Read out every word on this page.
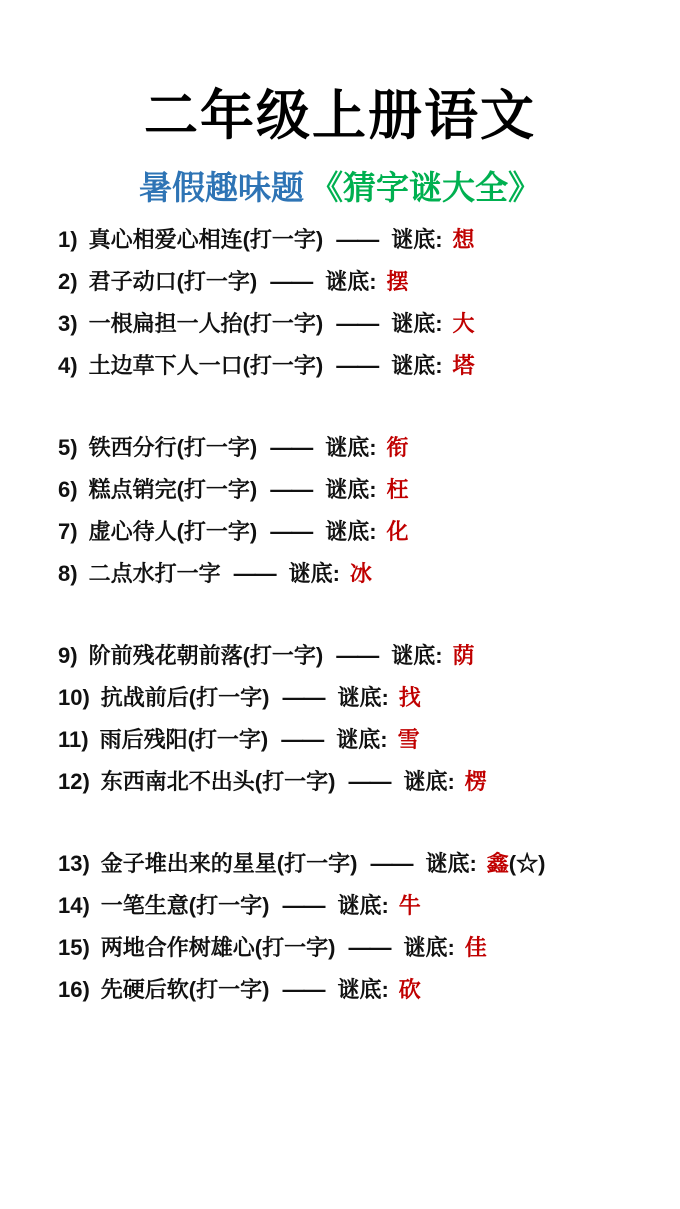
二年级上册语文
暑假趣味题 《猜字谜大全》
1) 真心相爱心相连(打一字) —— 谜底: 想
2) 君子动口(打一字) —— 谜底: 摆
3) 一根扁担一人抬(打一字) —— 谜底: 大
4) 土边草下人一口(打一字) —— 谜底: 塔
5) 铁西分行(打一字) —— 谜底: 衔
6) 糕点销完(打一字) —— 谜底: 枉
7) 虚心待人(打一字) —— 谜底: 化
8) 二点水打一字 —— 谜底: 冰
9) 阶前残花朝前落(打一字) —— 谜底: 荫
10) 抗战前后(打一字) —— 谜底: 找
11) 雨后残阳(打一字) —— 谜底: 雪
12) 东西南北不出头(打一字) —— 谜底: 楞
13) 金子堆出来的星星(打一字) —— 谜底: 鑫(☆)
14) 一笔生意(打一字) —— 谜底: 牛
15) 两地合作树雄心(打一字) —— 谜底: 佳
16) 先硬后软(打一字) —— 谜底: 砍
